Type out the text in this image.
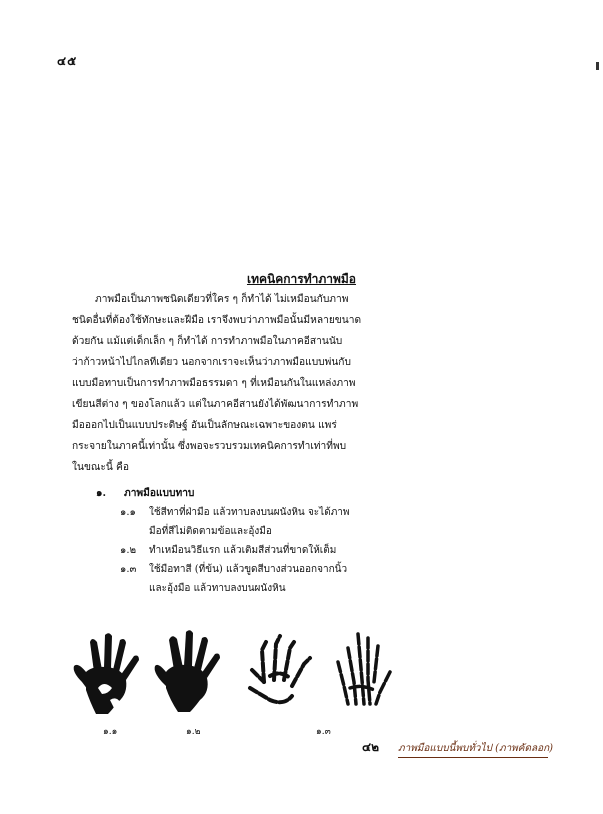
๔๕
เทคนิคการทำภาพมือ
ภาพมือเป็นภาพชนิดเดียวที่ใคร ๆ ก็ทำได้ ไม่เหมือนกับภาพ
ชนิดอื่นที่ต้องใช้ทักษะและฝีมือ เราจึงพบว่าภาพมือนั้นมีหลายขนาด
ด้วยกัน แม้แต่เด็กเล็ก ๆ ก็ทำได้ การทำภาพมือในภาคอีสานนับ
ว่าก้าวหน้าไปไกลทีเดียว นอกจากเราจะเห็นว่าภาพมือแบบพ่นกับ
แบบมือทาบเป็นการทำภาพมือธรรมดา ๆ ที่เหมือนกันในแหล่งภาพ
เขียนสีต่าง ๆ ของโลกแล้ว แต่ในภาคอีสานยังได้พัฒนาการทำภาพ
มือออกไปเป็นแบบประดิษฐ์ อันเป็นลักษณะเฉพาะของตน แพร่
กระจายในภาคนี้เท่านั้น ซึ่งพอจะรวบรวมเทคนิคการทำเท่าที่พบ
ในขณะนี้ คือ
๑. ภาพมือแบบทาบ
๑.๑ ใช้สีทาที่ฝ่ามือ แล้วทาบลงบนผนังหิน จะได้ภาพ
มือที่สีไม่ติดตามข้อและอุ้งมือ
๑.๒ ทำเหมือนวิธีแรก แล้วเติมสีส่วนที่ขาดให้เต็ม
๑.๓ ใช้มือทาสี (ที่ข้น) แล้วขูดสีบางส่วนออกจากนิ้ว
และอุ้งมือ แล้วทาบลงบนผนังหิน
๑.๑	๑.๒	๑.๓
๔๒ ภาพมือแบบนี้พบทั่วไป (ภาพคัดลอก)
